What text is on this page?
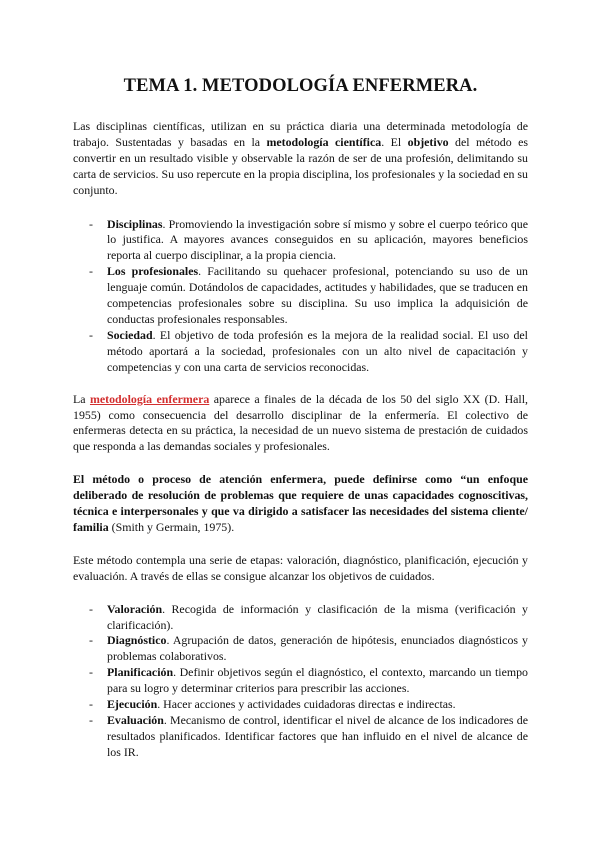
TEMA 1. METODOLOGÍA ENFERMERA.

Las disciplinas científicas, utilizan en su práctica diaria una determinada metodología de trabajo. Sustentadas y basadas en la metodología científica. El objetivo del método es convertir en un resultado visible y observable la razón de ser de una profesión, delimitando su carta de servicios. Su uso repercute en la propia disciplina, los profesionales y la sociedad en su conjunto.

- Disciplinas. Promoviendo la investigación sobre sí mismo y sobre el cuerpo teórico que lo justifica. A mayores avances conseguidos en su aplicación, mayores beneficios reporta al cuerpo disciplinar, a la propia ciencia.
- Los profesionales. Facilitando su quehacer profesional, potenciando su uso de un lenguaje común. Dotándolos de capacidades, actitudes y habilidades, que se traducen en competencias profesionales sobre su disciplina. Su uso implica la adquisición de conductas profesionales responsables.
- Sociedad. El objetivo de toda profesión es la mejora de la realidad social. El uso del método aportará a la sociedad, profesionales con un alto nivel de capacitación y competencias y con una carta de servicios reconocidas.

La metodología enfermera aparece a finales de la década de los 50 del siglo XX (D. Hall, 1955) como consecuencia del desarrollo disciplinar de la enfermería. El colectivo de enfermeras detecta en su práctica, la necesidad de un nuevo sistema de prestación de cuidados que responda a las demandas sociales y profesionales.

El método o proceso de atención enfermera, puede definirse como “un enfoque deliberado de resolución de problemas que requiere de unas capacidades cognoscitivas, técnica e interpersonales y que va dirigido a satisfacer las necesidades del sistema cliente/ familia (Smith y Germain, 1975).

Este método contempla una serie de etapas: valoración, diagnóstico, planificación, ejecución y evaluación. A través de ellas se consigue alcanzar los objetivos de cuidados.

- Valoración. Recogida de información y clasificación de la misma (verificación y clarificación).
- Diagnóstico. Agrupación de datos, generación de hipótesis, enunciados diagnósticos y problemas colaborativos.
- Planificación. Definir objetivos según el diagnóstico, el contexto, marcando un tiempo para su logro y determinar criterios para prescribir las acciones.
- Ejecución. Hacer acciones y actividades cuidadoras directas e indirectas.
- Evaluación. Mecanismo de control, identificar el nivel de alcance de los indicadores de resultados planificados. Identificar factores que han influido en el nivel de alcance de los IR.
